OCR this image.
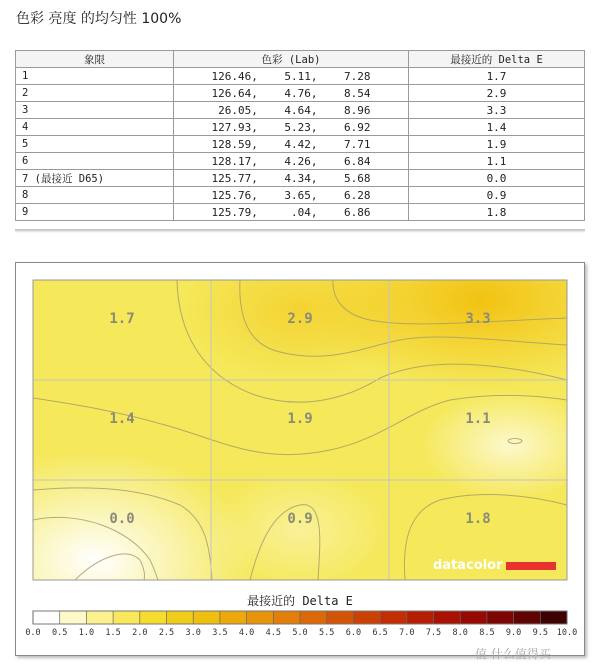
色彩 亮度 的均匀性 100%
象限	色彩 (Lab)	最接近的 Delta E
1	126.46,    5.11,    7.28	1.7
2	126.64,    4.76,    8.54	2.9
3	26.05,    4.64,    8.96	3.3
4	127.93,    5.23,    6.92	1.4
5	128.59,    4.42,    7.71	1.9
6	128.17,    4.26,    6.84	1.1
7 (最接近 D65)	125.77,    4.34,    5.68	0.0
8	125.76,    3.65,    6.28	0.9
9	125.79,     .04,    6.86	1.8
1.7	2.9	3.3
1.4	1.9	1.1
0.0	0.9	1.8
datacolor
最接近的 Delta E
0.0 0.5 1.0 1.5 2.0 2.5 3.0 3.5 4.0 4.5 5.0 5.5 6.0 6.5 7.0 7.5 8.0 8.5 9.0 9.5 10.0
值 什么值得买
